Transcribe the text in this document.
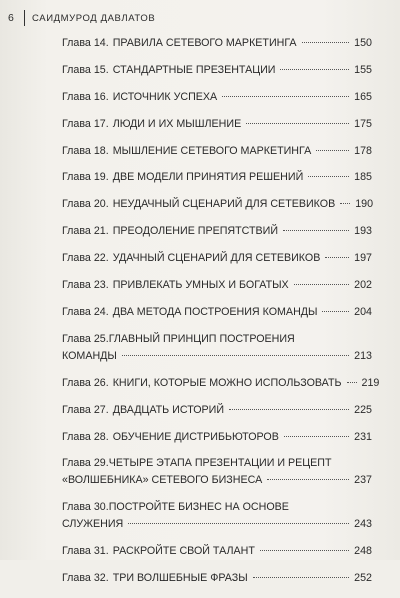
6	САИДМУРОД ДАВЛАТОВ
Глава 14. ПРАВИЛА СЕТЕВОГО МАРКЕТИНГА	150
Глава 15. СТАНДАРТНЫЕ ПРЕЗЕНТАЦИИ	155
Глава 16. ИСТОЧНИК УСПЕХА	165
Глава 17. ЛЮДИ И ИХ МЫШЛЕНИЕ	175
Глава 18. МЫШЛЕНИЕ СЕТЕВОГО МАРКЕТИНГА	178
Глава 19. ДВЕ МОДЕЛИ ПРИНЯТИЯ РЕШЕНИЙ	185
Глава 20. НЕУДАЧНЫЙ СЦЕНАРИЙ ДЛЯ СЕТЕВИКОВ 190
Глава 21. ПРЕОДОЛЕНИЕ ПРЕПЯТСТВИЙ	193
Глава 22. УДАЧНЫЙ СЦЕНАРИЙ ДЛЯ СЕТЕВИКОВ	197
Глава 23. ПРИВЛЕКАТЬ УМНЫХ И БОГАТЫХ	202
Глава 24. ДВА МЕТОДА ПОСТРОЕНИЯ КОМАНДЫ	204
Глава 25.ГЛАВНЫЙ ПРИНЦИП ПОСТРОЕНИЯ
КОМАНДЫ	213
Глава 26. КНИГИ, КОТОРЫЕ МОЖНО ИСПОЛЬЗОВАТЬ 219
Глава 27. ДВАДЦАТЬ ИСТОРИЙ	225
Глава 28. ОБУЧЕНИЕ ДИСТРИБЬЮТОРОВ	231
Глава 29.ЧЕТЫРЕ ЭТАПА ПРЕЗЕНТАЦИИ И РЕЦЕПТ
«ВОЛШЕБНИКА» СЕТЕВОГО БИЗНЕСА	237
Глава 30.ПОСТРОЙТЕ БИЗНЕС НА ОСНОВЕ
СЛУЖЕНИЯ	243
Глава 31. РАСКРОЙТЕ СВОЙ ТАЛАНТ	248
Глава 32. ТРИ ВОЛШЕБНЫЕ ФРАЗЫ	252
